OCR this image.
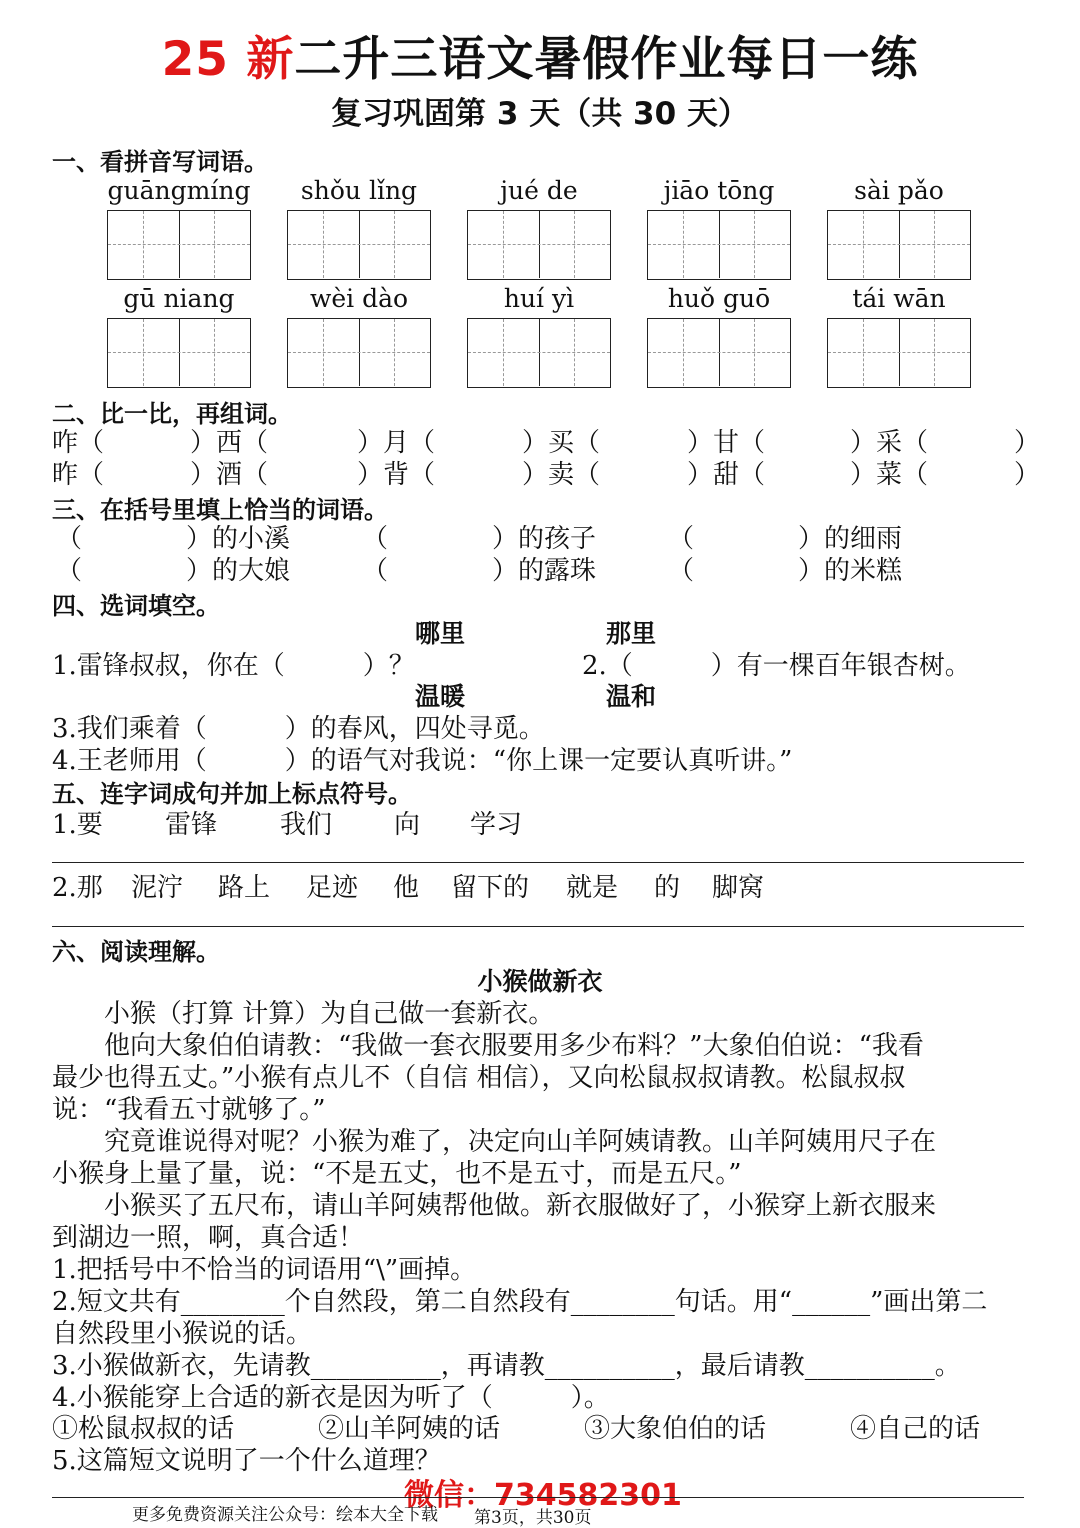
25 新二升三语文暑假作业每日一练
复习巩固第 3 天（共 30 天）
一、看拼音写词语。
guāngmíng	shǒu lǐng	jué de	jiāo tōng	sài pǎo
gū niang	wèi dào	huí yì	huǒ guō	tái wān
二、比一比，再组词。
咋（	）西（	）月（	）买（	）甘（	）采（	）
昨（	）酒（	）背（	）卖（	）甜（	）菜（	）
三、在括号里填上恰当的词语。
（　　　　）的小溪	（　　　　）的孩子	（　　　　）的细雨
（　　　　）的大娘	（　　　　）的露珠	（　　　　）的米糕
四、选词填空。
哪里	那里
1.雷锋叔叔，你在（　　　）？	2.（　　　）有一棵百年银杏树。
温暖	温和
3.我们乘着（　　　）的春风，四处寻觅。
4.王老师用（　　　）的语气对我说：“你上课一定要认真听讲。”
五、连字词成句并加上标点符号。
1.要 雷锋 我们 向 学习
2.那 泥泞 路上 足迹 他 留下的 就是 的 脚窝
六、阅读理解。
小猴做新衣
　　小猴（打算 计算）为自己做一套新衣。
　　他向大象伯伯请教：“我做一套衣服要用多少布料？”大象伯伯说：“我看
最少也得五丈。”小猴有点儿不（自信 相信），又向松鼠叔叔请教。松鼠叔叔
说：“我看五寸就够了。”
　　究竟谁说得对呢？小猴为难了，决定向山羊阿姨请教。山羊阿姨用尺子在
小猴身上量了量，说：“不是五丈，也不是五寸，而是五尺。”
　　小猴买了五尺布，请山羊阿姨帮他做。新衣服做好了，小猴穿上新衣服来
到湖边一照，啊，真合适！
1.把括号中不恰当的词语用“\”画掉。
2.短文共有________个自然段，第二自然段有________句话。用“______”画出第二
自然段里小猴说的话。
3.小猴做新衣，先请教__________，再请教__________，最后请教__________。
4.小猴能穿上合适的新衣是因为听了（　　　）。
①松鼠叔叔的话	②山羊阿姨的话	③大象伯伯的话	④自己的话
5.这篇短文说明了一个什么道理？
微信：734582301
更多免费资源关注公众号：绘本大全下载 第3页，共30页
